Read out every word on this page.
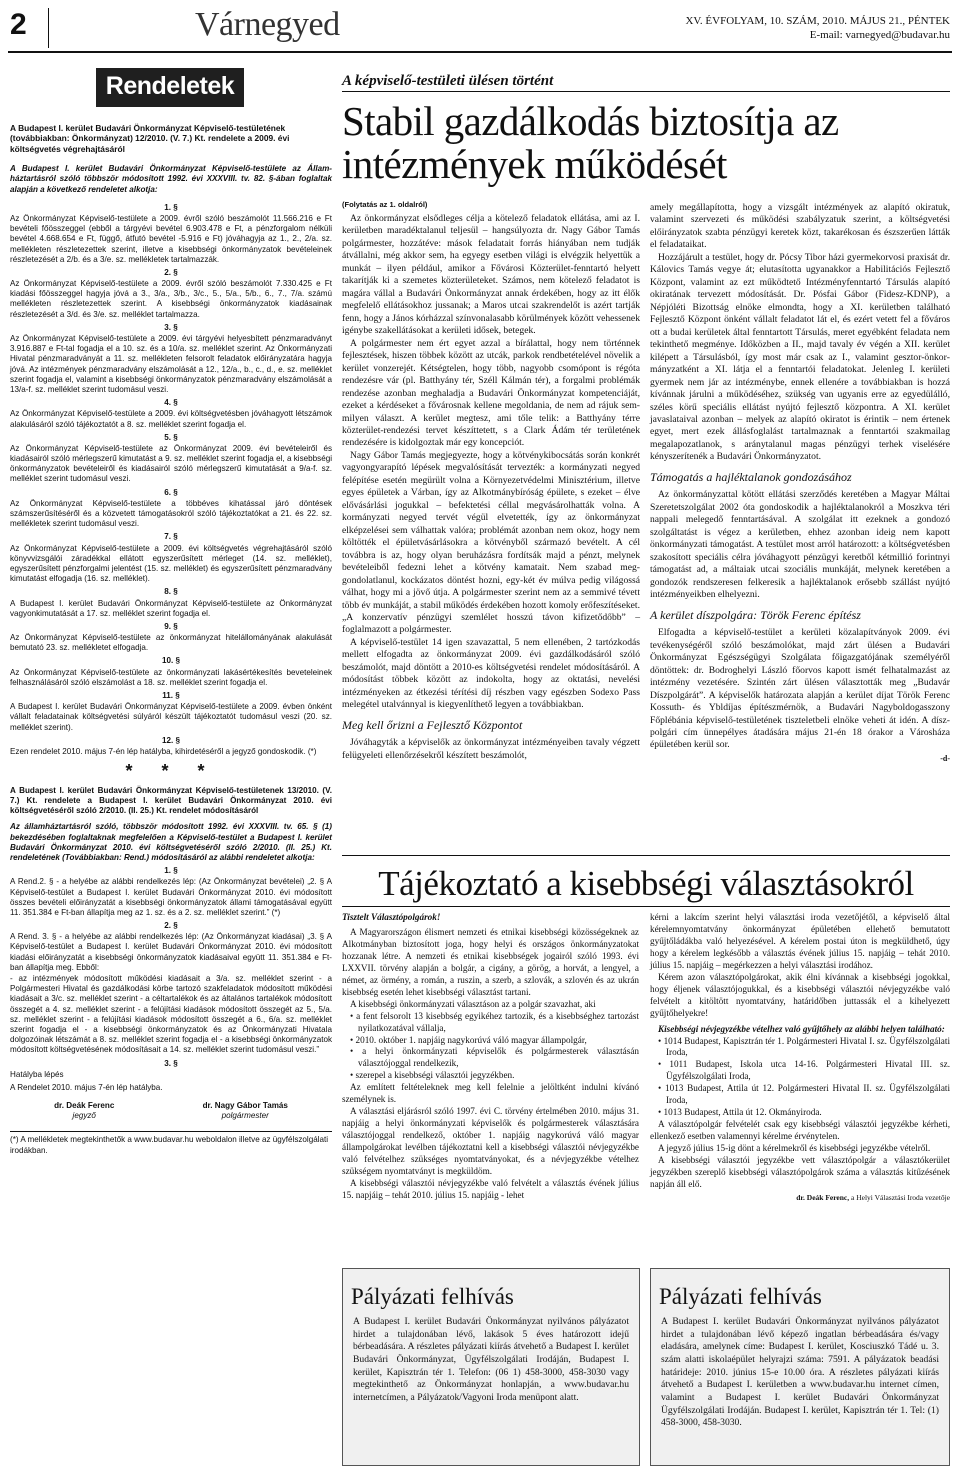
2	Várnegyed	XV. ÉVFOLYAM, 10. SZÁM, 2010. MÁJUS 21., PÉNTEK
E-mail: varnegyed@budavar.hu
Rendeletek

A Budapest I. kerület Budavári Önkormányzat Képviselő-testületének (továbbiakban: Önkormányzat) 12/2010. (V. 7.) Kt. rendelete a 2009. évi költségvetés végrehajtásáról

A Budapest I. kerület Budavári Önkormányzat Képviselő-testülete az Államháztartásról szóló többször módosított 1992. évi XXXVIII. tv. 82. §-ában foglaltak alapján a következő rendeletet alkotja:

1. §

Az Önkormányzat Képviselő-testülete a 2009. évről szóló beszámolót 11.566.216 e Ft bevételi főösszeggel (ebből a tárgyévi bevétel 6.903.478 e Ft, a pénzforgalom nélküli bevétel 4.668.654 e Ft, függő, átfutó bevétel -5.916 e Ft) jóváhagyja az 1., 2., 2/a. sz. mellékleten részletezettek szerint, illetve a kisebbségi önkormányzatok bevételeinek részletezését a 2/b. és a 3/e. sz. mellékletek tartalmazzák.

2. §

Az Önkormányzat Képviselő-testülete a 2009. évről szóló beszámolót 7.330.425 e Ft kiadási főösszeggel hagyja jóvá a 3., 3/a., 3/b., 3/c., 5., 5/a., 5/b., 6., 7., 7/a. számú mellékleten részletezettek szerint. A kisebbségi önkormányzatok kiadásainak részletezését a 3/d. és 3/e. sz. melléklet tartalmazza.

3. §

Az Önkormányzat Képviselő-testülete a 2009. évi tárgyévi helyesbített pénzmaradványt 3.916.887 e Ft-tal fogadja el a 10. sz. és a 10/a. sz. melléklet szerint. Az Önkormányzati Hivatal pénzmaradványát a 11. sz. mellékleten felsorolt feladatok előirányzatára hagyja jóvá. Az intézmények pénzmaradvány elszámolását a 12., 12/a., b., c., d., e. sz. melléklet szerint fogadja el, valamint a kisebbségi önkormányzatok pénzmaradvány elszámolását a 13/a-f. sz. melléklet szerint tudomásul veszi.

4. §

Az Önkormányzat Képviselő-testülete a 2009. évi költségvetésben jóváhagyott létszámok alakulásáról szóló tájékoztatót a 8. sz. melléklet szerint fogadja el.

5. §

Az Önkormányzat Képviselő-testülete az Önkormányzat 2009. évi bevételeiről és kiadásairól szóló mérlegszerű kimutatást a 9. sz. melléklet szerint fogadja el, a kisebbségi önkormányzatok bevételeiről és kiadásairól szóló mérlegszerű kimutatását a 9/a-f. sz. melléklet szerint tudomásul veszi.

6. §

Az Önkormányzat Képviselő-testülete a többéves kihatással járó döntések számszerűsítéséről és a közvetett támogatásokról szóló tájékoztatókat a 21. és 22. sz. mellékletek szerint tudomásul veszi.

7. §

Az Önkormányzat Képviselő-testülete a 2009. évi költségvetés végrehajtásáról szóló könyvvizsgálói záradékkal ellátott egyszerűsített mérleget (14. sz. melléklet), egyszerűsített pénzforgalmi jelentést (15. sz. melléklet) és egyszerűsített pénzmaradvány kimutatást elfogadja (16. sz. melléklet).

8. §

A Budapest I. kerület Budavári Önkormányzat Képviselő-testülete az Önkormányzat vagyonkimutatását a 17. sz. melléklet szerint fogadja el.

9. §

Az Önkormányzat Képviselő-testülete az önkormányzat hitelállományának alakulását bemutató 23. sz. mellékletet elfogadja.

10. §

Az Önkormányzat Képviselő-testülete az önkormányzati lakásértékesítés beveteleinek felhasználásáról szóló elszámolást a 18. sz. melléklet szerint fogadja el.

11. §

A Budapest I. kerület Budavári Önkormányzat Képviselő-testülete a 2009. évben önként vállalt feladatainak költségvetési súlyáról készült tájékoztatót tudomásul veszi (20. sz. melléklet szerint).

12. §

Ezen rendelet 2010. május 7-én lép hatályba, kihirdetéséről a jegyző gondoskodik. (*)

* * *

A Budapest I. kerület Budavári Önkormányzat Képviselő-testületenek 13/2010. (V. 7.) Kt. rendelete a Budapest I. kerület Budavári Önkormányzat 2010. évi költségvetéséről szóló 2/2010. (II. 25.) Kt. rendelet módosításáról

Az államháztartásról szóló, többször módosított 1992. évi XXXVIII. tv. 65. § (1) bekezdésében foglaltaknak megfelelően a Képviselő-testület a Budapest I. kerület Budavári Önkormányzat 2010. évi költségvetéséről szóló 2/2010. (II. 25.) Kt. rendeletének (Továbbiakban: Rend.) módosításáról az alábbi rendeletet alkotja:

1. §

A Rend.2. § - a helyébe az alábbi rendelkezés lép: (Az Önkormányzat bevételei) „2. § A Képviselő-testület a Budapest I. kerület Budavári Önkormányzat 2010. évi módosított összes bevételi előirányzatát a kisebbségi önkormányzatok állami támogatásával együtt 11. 351.384 e Ft-ban állapítja meg az 1. sz. és a 2. sz. melléklet szerint.” (*)

2. §

A Rend. 3. § - a helyébe az alábbi rendelkezés lép: (Az Önkormányzat kiadásai) „3. § A Képviselő-testület a Budapest I. kerület Budavári Önkormányzat 2010. évi módosított kiadási előirányzatát a kisebbségi önkormányzatok kiadásaival együtt 11. 351.384 e Ft-ban állapítja meg. Ebből:

- az intézmények módosított működési kiadásait a 3/a. sz. melléklet szerint - a Polgármesteri Hivatal és gazdálkodási körbe tartozó szakfeladatok módosított működési kiadásait a 3/c. sz. melléklet szerint - a céltartalékok és az általános tartalékok módosított összegét a 4. sz. melléklet szerint - a felújítási kiadások módosított összegét az 5., 5/a. sz. melléklet szerint - a felújítási kiadások módosított összegét a 6., 6/a. sz. melléklet szerint fogadja el - a kisebbségi önkormányzatok és az Önkormányzati Hivatala dolgozóinak létszámát a 8. sz. melléklet szerint fogadja el - a kisebbségi önkormányzatok módosított költségvetésének módosításait a 14. sz. melléklet szerint tudomásul veszi.”

3. §

Hatályba lépés

A Rendelet 2010. május 7-én lép hatályba.

dr. Deák Ferenc
jegyző
dr. Nagy Gábor Tamás
polgármester
(*) A mellékletek megtekinthetők a www.budavar.hu weboldalon illetve az ügyfélszolgálati irodákban.
A képviselő-testületi ülésen történt
Stabil gazdálkodás biztosítja az intézmények működését
(Folytatás az 1. oldalról)

Az önkormányzat elsődleges célja a kötelező feladatok ellátása, ami az I. kerületben maradéktalanul teljesül – hangsúlyozta dr. Nagy Gábor Tamás polgármester, hozzátéve: mások feladatait forrás hiányában nem tudják átvállalni, még akkor sem, ha egyegy esetben világi is elvégzik helyettük a munkát – ilyen például, amikor a Fővárosi Közterület-fenntartó helyett takarítják ki a szemetes közterületeket. Számos, nem kötelező feladatot is magára vállal a Budavári Önkormányzat annak érdekében, hogy az itt élők megfelelő ellátásokhoz jussanak; a Maros utcai szakrendelőt is azért tartják fenn, hogy a János kórházzal színvonalasabb körülmények között vehessenek igénybe szakellátásokat a kerületi idősek, betegek.

A polgármester nem ért egyet azzal a bírálattal, hogy nem történnek fejlesztések, hiszen többek között az utcák, parkok rendbetételével növelik a kerület vonzerejét. Kétségtelen, hogy több, nagyobb csomópont is régóta rendezésre vár (pl. Batthyány tér, Széll Kálmán tér), a forgalmi problémák rendezése azonban meghaladja a Budavári Önkormányzat kompetenciáját, ezeket a kérdéseket a fővárosnak kellene megoldania, de nem ad rájuk semmilyen választ. A kerület megtesz, ami tőle telik: a Batthyány térre közterület-rendezési tervet készíttetett, s a Clark Ádám tér területének rendezésére is kidolgoztak már egy koncepciót.

Nagy Gábor Tamás megjegyezte, hogy a kötvénykibocsátás során konkrét vagyongyarapító lépések megvalósítását tervezték: a kormányzati negyed felépítése esetén megürült volna a Környezetvédelmi Minisztérium, illetve egyes épületek a Várban, így az Alkotmánybíróság épülete, s ezeket – élve elővásárlási jogukkal – befektetési céllal megvásárolhatták volna. A kormányzati negyed tervét végül elvetették, így az önkormányzat elképzelései sem válhattak valóra; problémát azonban nem okoz, hogy nem költötték el épületvásárlásokra a kötvényből származó bevételt. A cél továbbra is az, hogy olyan beruházásra fordítsák majd a pénzt, melynek bevételeiből fedezni lehet a kötvény kamatait. Nem szabad meggondolatlanul, kockázatos döntést hozni, egy-két év múlva pedig világossá válhat, hogy mi a jövő útja. A polgármester szerint nem az a semmivé tévett több év munkáját, a stabil működés érdekében hozott komoly erőfeszítéseket. „A konzervatív pénzügyi szemlélet hosszú távon kifizetődőbb” – foglalmazott a polgármester.

A képviselő-testület 14 igen szavazattal, 5 nem ellenében, 2 tartózkodás mellett elfogadta az önkormányzat 2009. évi gazdálkodásáról szóló beszámolót, majd döntött a 2010-es költségvetési rendelet módosításáról. A módosítást többek között az indokolta, hogy az oktatási, nevelési intézményeken az étkezési térítési díj részben vagy egészben Sodexo Pass melegétel utalvánnyal is kiegyenlíthető legyen a továbbiakban.

Meg kell őrizni a Fejlesztő Központot

Jóváhagyták a képviselők az önkormányzat intézményeiben tavaly végzett felügyeleti ellenőrzésekről készített beszámolót,

amely megállapította, hogy a vizsgált intézmények az alapító okiratuk, valamint szervezeti és működési szabályzatuk szerint, a költségvetési előirányzatok szabta pénzügyi keretek közt, takarékosan és észszerűen látták el feladataikat.

Hozzájárult a testület, hogy dr. Pócsy Tibor házi gyermekorvosi praxisát dr. Kálovics Tamás vegye át; elutasította ugyanakkor a Habilitációs Fejlesztő Központ, valamint az ezt működtető Intézményfenntartó Társulás alapító okiratának tervezett módosítását. Dr. Pósfai Gábor (Fidesz-KDNP), a Népjóléti Bizottság elnöke elmondta, hogy a XI. kerületben található Fejlesztő Központ önként vállalt feladatot lát el, és ezért vetett fel a főváros ott a budai kerületek által fenntartott Társulás, meret egyébként feladata nem tekinthető megménye. Időközben a II., majd tavaly év végén a XII. kerület kilépett a Társulásból, így most már csak az I., valamint gesztor-önkormányzatként a XI. látja el a fenntartói feladatokat. Jelenleg I. kerületi gyermek nem jár az intézménybe, ennek ellenére a továbbiakban is hozzá kívánnak járulni a működéséhez, szükség van ugyanis erre az egyedülálló, széles körű speciális ellátást nyújtó fejlesztő központra. A XI. kerület javaslataival azonban – melyek az alapító okiratot is érintik – nem értenek egyet, mert ezek állásfoglalást tartalmaznak a fenntartói szakmailag megalapozatlanok, s aránytalanul magas pénzügyi terhek viselésére kényszerítenék a Budavári Önkormányzatot.

Támogatás a hajléktalanok gondozásához

Az önkormányzattal kötött ellátási szerződés keretében a Magyar Máltai Szeretetszolgálat 2002 óta gondoskodik a hajléktalanokról a Moszkva téri nappali melegedő fenntartásával. A szolgálat itt ezeknek a gondozó szolgáltatást is végez a kerületben, ehhez azonban ideig nem kapott önkormányzati támogatást. A testület most arról határozott: a költségvetésben szakosított speciális célra jóváhagyott pénzügyi keretből kétmillió forintnyi támogatást ad, a máltaiak utcai szociális munkáját, melynek keretében a gondozók rendszeresen felkeresik a hajléktalanok erősebb szállást nyújtó intézményeikben elhelyezni.

A kerület díszpolgára: Török Ferenc építész

Elfogadta a képviselő-testület a kerületi közalapítványok 2009. évi tevékenységéről szóló beszámolókat, majd zárt ülésen a Budavári Önkormányzat Egészségügyi Szolgálata főigazgatójának személyéről döntöttek: dr. Bodroghelyi László főorvos kapott ismét felhatalmazást az intézmény vezetésére. Szintén zárt ülésen választották meg „Budavár Díszpolgárát”. A képviselők határozata alapján a kerület díjat Török Ferenc Kossuth- és Ybldíjas építészmérnök, a Budavári Nagyboldogasszony Főplébánia képviselő-testületének tiszteletbeli elnöke veheti át idén. A díszpolgári cím ünnepélyes átadására május 21-én 18 órakor a Városháza épületében kerül sor.

-d-
Tájékoztató a kisebbségi választásokról
Tisztelt Választópolgárok!

A Magyarországon élismert nemzeti és etnikai kisebbségi közösségeknek az Alkotmányban biztosított joga, hogy helyi és országos önkormányzatokat hozzanak létre. A nemzeti és etnikai kisebbségek jogairól szóló 1993. évi LXXVII. törvény alapján a bolgár, a cigány, a görög, a horvát, a lengyel, a német, az örmény, a román, a ruszin, a szerb, a szlovák, a szlovén és az ukrán kisebbség esetén lehet kisebbségi választást tartani.

A kisebbségi önkormányzati választáson az a polgár szavazhat, aki

• a fent felsorolt 13 kisebbség egyikéhez tartozik, és a kisebbséghez tartozást nyilatkozatával vállalja,

• 2010. október 1. napjáig nagykorúvá váló magyar állampolgár,

• a helyi önkormányzati képviselők és polgármesterek választásán választójoggal rendelkezik,

• szerepel a kisebbségi választói jegyzékben.

Az említett feltételeknek meg kell felelnie a jelöltként indulni kívánó személynek is.

A választási eljárásról szóló 1997. évi C. törvény értelmében 2010. május 31. napjáig a helyi önkormányzati képviselők és polgármesterek választására választójoggal rendelkező, október 1. napjáig nagykorúvá váló magyar állampolgárokat levélben tájékoztatni kell a kisebbségi választói névjegyzékbe való felvételhez szükséges nyomtatványokat, és a névjegyzékbe vételhez szükségem nyomtatványt is megküldöm.

A kisebbségi választói névjegyzékbe való felvételt a választás évének július 15. napjáig – tehát 2010. július 15. napjáig - lehet

kérni a lakcím szerint helyi választási iroda vezetőjétől, a képviselő által kérelemnyomtatvány önkormányzat épületében ellehető bemutatott gyűjtőládákba való helyezésével. A kérelem postai úton is megküldhető, úgy hogy a kérelem legkésőbb a választás évének július 15. napjáig – tehát 2010. július 15. napjáig – megérkezzen a helyi választási irodához.

Kérem azon választópolgárokat, akik élni kívánnak a kisebbségi jogokkal, hogy éljenek választójogukkal, és a kisebbségi választói névjegyzékbe való felvételt a kitöltött nyomtatvány, határidőben juttassák el a kihelyezett gyűjtőhelyekre!

Kisebbségi névjegyzékbe vételhez való gyűjtőhely az alábbi helyen található:

• 1014 Budapest, Kapisztrán tér 1. Polgármesteri Hivatal I. sz. Ügyfélszolgálati Iroda,

• 1011 Budapest, Iskola utca 14-16. Polgármesteri Hivatal III. sz. Ügyfélszolgálati Iroda,

• 1013 Budapest, Attila út 12. Polgármesteri Hivatal II. sz. Ügyfélszolgálati Iroda,

• 1013 Budapest, Attila út 12. Okmányiroda.

A választópolgár felvételét csak egy kisebbségi választói jegyzékbe kérheti, ellenkező esetben valamennyi kérelme érvénytelen.

A jegyző július 15-ig dönt a kérelmekről és kisebbségi jegyzékbe vételről.

A kisebbségi választói jegyzékbe vett választópolgár a választókerület jegyzékben szereplő kisebbségi választópolgárok száma a választás kitűzésének napján áll elő.

dr. Deák Ferenc, a Helyi Választási Iroda vezetője
Pályázati felhívás
A Budapest I. kerület Budavári Önkormányzat nyilvános pályázatot hirdet a tulajdonában lévő, lakások 5 éves határozott idejű bérbeadására. A részletes pályázati kiírás átvehető a Budapest I. kerület Budavári Önkormányzat, Ügyfélszolgálati Irodáján, Budapest I. kerület, Kapisztrán tér 1. Telefon: (06 1) 458-3000, 458-3030 vagy megtekinthető az Önkormányzat honlapján, a www.budavar.hu internetcímen, a Pályázatok/Vagyoni Iroda menüpont alatt.
Pályázati felhívás
A Budapest I. kerület Budavári Önkormányzat nyilvános pályázatot hirdet a tulajdonában lévő képező ingatlan bérbeadására és/vagy eladására, amelynek címe: Budapest I. kerület, Kosciuszkó Tádé u. 3. szám alatti iskolaépület helyrajzi száma: 7591. A pályázatok beadási határideje: 2010. június 15-e 10.00 óra. A részletes pályázati kiírás átvehető a Budapest I. kerületben a www.budavar.hu internet címen, valamint a Budapest I. kerület Budavári Önkormányzat Ügyfélszolgálati Irodáján. Budapest I. kerület, Kapisztrán tér 1. Tel: (1) 458-3000, 458-3030.
